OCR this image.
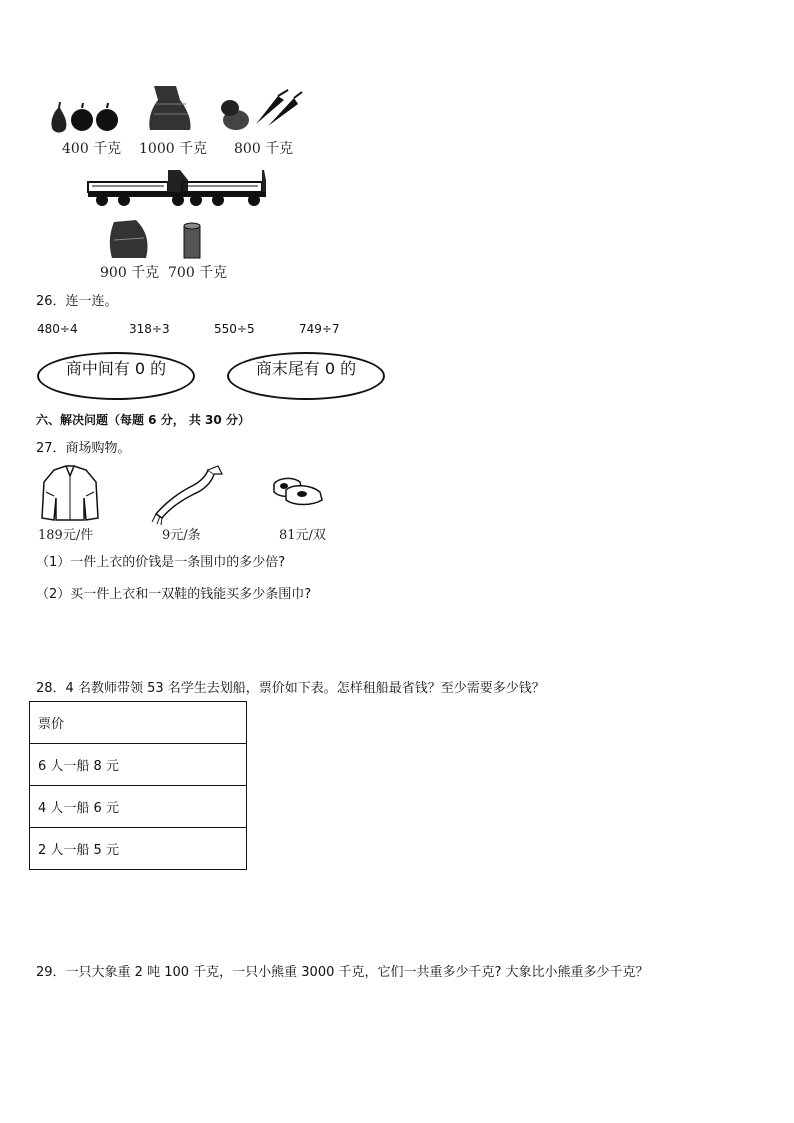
400 千克 1000 千克 800 千克
900 千克 700 千克
26．连一连。
480÷4	318÷3	550÷5	749÷7
商中间有 0 的	商末尾有 0 的
六、解决问题（每题 6 分， 共 30 分）
27．商场购物。
189元/件	9元/条	81元/双
（1）一件上衣的价钱是一条围巾的多少倍?
（2）买一件上衣和一双鞋的钱能买多少条围巾?
28．4 名教师带领 53 名学生去划船，票价如下表。怎样租船最省钱？至少需要多少钱？
票价
6 人一船 8 元
4 人一船 6 元
2 人一船 5 元
29．一只大象重 2 吨 100 千克，一只小熊重 3000 千克，它们一共重多少千克? 大象比小熊重多少千克？
